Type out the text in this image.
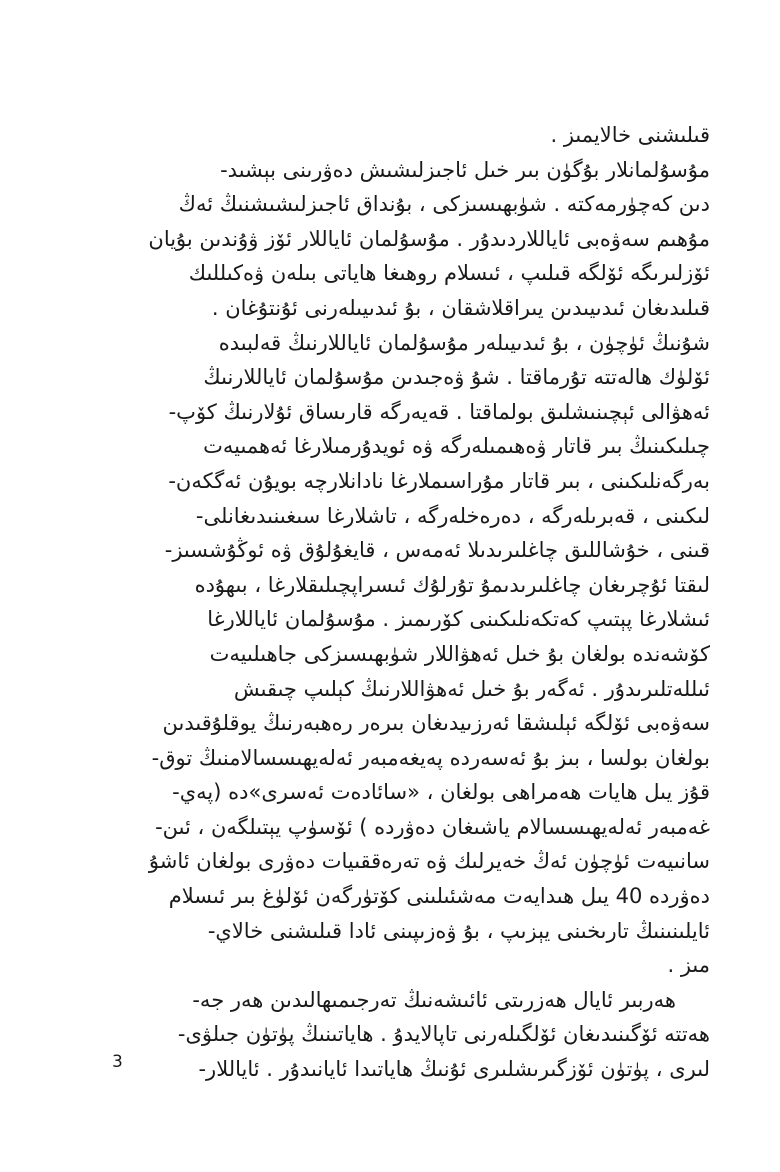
قىلىشنى خالايمىز .
مۇسۇلمانلار بۇگۈن بىر خىل ئاجىزلىشىش دەۋرىنى بېشىد-
دىن كەچۈرمەكتە . شۈبھىسىزكى ، بۇنداق ئاجىزلىشىشنىڭ ئەڭ
مۇھىم سەۋەبى ئاياللاردىدۇر . مۇسۇلمان ئاياللار ئۆز ۋۇندىن بۇيان
ئۆزلىرىگە ئۆلگە قىلىپ ، ئىسلام روھىغا ھاياتى بىلەن ۋەكىللىك
قىلىدىغان ئىدىيىدىن يىراقلاشقان ، بۇ ئىدىيىلەرنى ئۇنتۇغان .
شۇنىڭ ئۈچۈن ، بۇ ئىدىيىلەر مۇسۇلمان ئاياللارنىڭ قەلبىدە
ئۆلۈك ھالەتتە تۇرماقتا . شۇ ۋەجىدىن مۇسۇلمان ئاياللارنىڭ
ئەھۋالى ئېچىنىشلىق بولماقتا . قەيەرگە قارىساق ئۇلارنىڭ كۆپ-
چىلىكىنىڭ بىر قاتار ۋەھىمىلەرگە ۋە ئويدۇرمىلارغا ئەھمىيەت
بەرگەنلىكىنى ، بىر قاتار مۇراسىملارغا نادانلارچە بويۇن ئەگكەن-
لىكىنى ، قەبرىلەرگە ، دەرەخلەرگە ، تاشلارغا سىغىنىدىغانلى-
قىنى ، خۇشاللىق چاغلىرىدىلا ئەمەس ، قايغۇلۇق ۋە ئوڭۇشسىز-
لىقتا ئۇچرىغان چاغلىرىدىمۇ تۇرلۇك ئىسراپچىلىقلارغا ، بىھۇدە
ئىشلارغا پېتىپ كەتكەنلىكىنى كۆرىمىز . مۇسۇلمان ئاياللارغا
كۆشەندە بولغان بۇ خىل ئەھۋاللار شۈبھىسىزكى جاھىلىيەت
ئىللەتلىرىدۇر . ئەگەر بۇ خىل ئەھۋاللارنىڭ كېلىپ چىقىش
سەۋەبى ئۆلگە ئېلىشقا ئەرزىيدىغان بىرەر رەھبەرنىڭ يوقلۇقىدىن
بولغان بولسا ، بىز بۇ ئەسەردە پەيغەمبەر ئەلەيھىسسالامنىڭ توق-
قۇز يىل ھايات ھەمراھى بولغان ، «سائادەت ئەسرى»دە (پەي-
غەمبەر ئەلەيھىسسالام ياشىغان دەۋردە ) ئۆسۈپ يېتىلگەن ، ئىن-
سانىيەت ئۈچۈن ئەڭ خەيرلىك ۋە تەرەققىيات دەۋرى بولغان ئاشۇ
دەۋردە 40 يىل ھىدايەت مەشئىلىنى كۆتۈرگەن ئۆلۈغ بىر ئىسلام
ئايلىنىنىڭ تارىخىنى يېزىپ ، بۇ ۋەزىپىنى ئادا قىلىشنى خالاي-
مىز .
ھەربىر ئايال ھەزرىتى ئائىشەنىڭ تەرجىمىھالىدىن ھەر جە-
ھەتتە ئۆگىنىدىغان ئۆلگىلەرنى تاپالايدۇ . ھاياتىنىڭ پۈتۈن جىلۋى-
لىرى ، پۈتۈن ئۆزگىرىشلىرى ئۇنىڭ ھاياتىدا ئايانىدۇر . ئاياللار-
3
